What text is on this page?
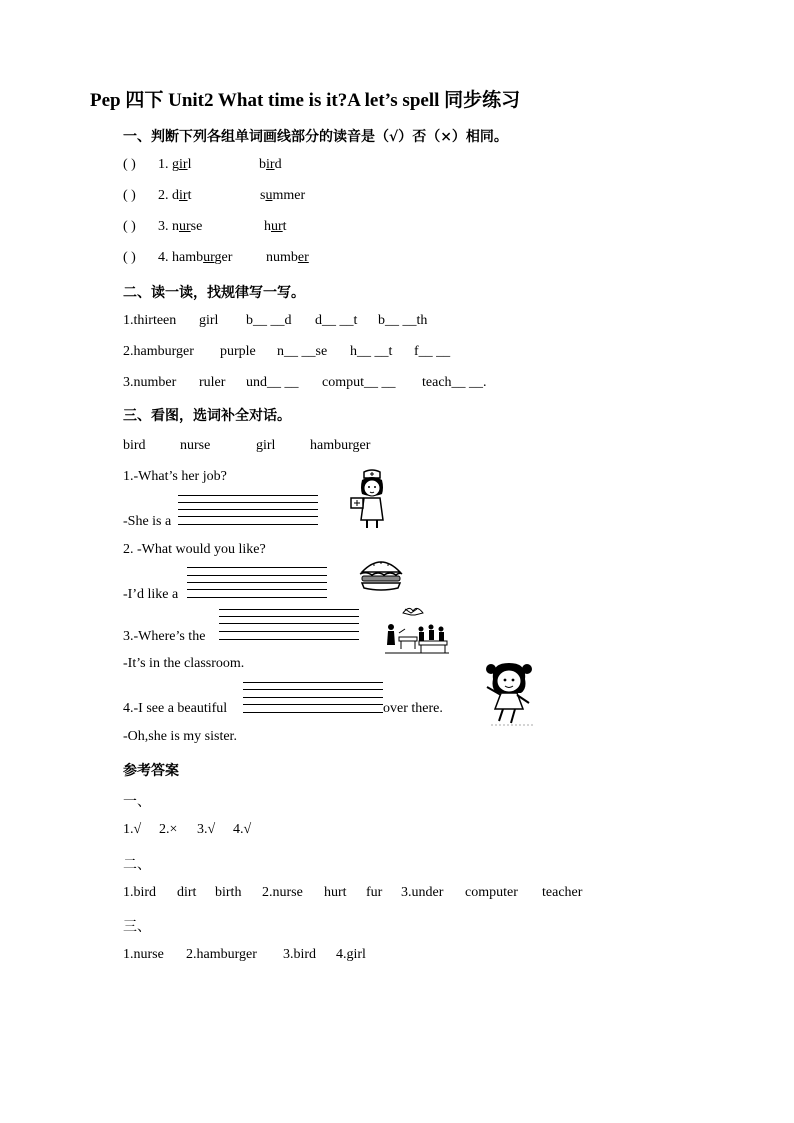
Pep 四下 Unit2 What time is it?A let’s spell 同步练习
一、判断下列各组单词画线部分的读音是（√）否（×）相同。
( ) 1. girl	bird
( ) 2. dirt	summer
( ) 3. nurse	hurt
( ) 4. hamburger number
二、读一读，找规律写一写。
1.thirteen girl b__ __d d__ __t b__ __th
2.hamburger purple n__ __se h__ __t f__ __
3.number ruler und__ __ comput__ __ teach__ __.
三、看图，选词补全对话。
bird nurse	girl hamburger
1.-What’s her job?
-She is a
2. -What would you like?
-I’d like a
3.-Where’s the
-It’s in the classroom.
4.-I see a beautiful	over there.
-Oh,she is my sister.
参考答案
一、
1.√ 2.× 3.√ 4.√
二、
1.bird dirt birth 2.nurse hurt fur 3.under computer teacher
三、
1.nurse 2.hamburger 3.bird 4.girl
